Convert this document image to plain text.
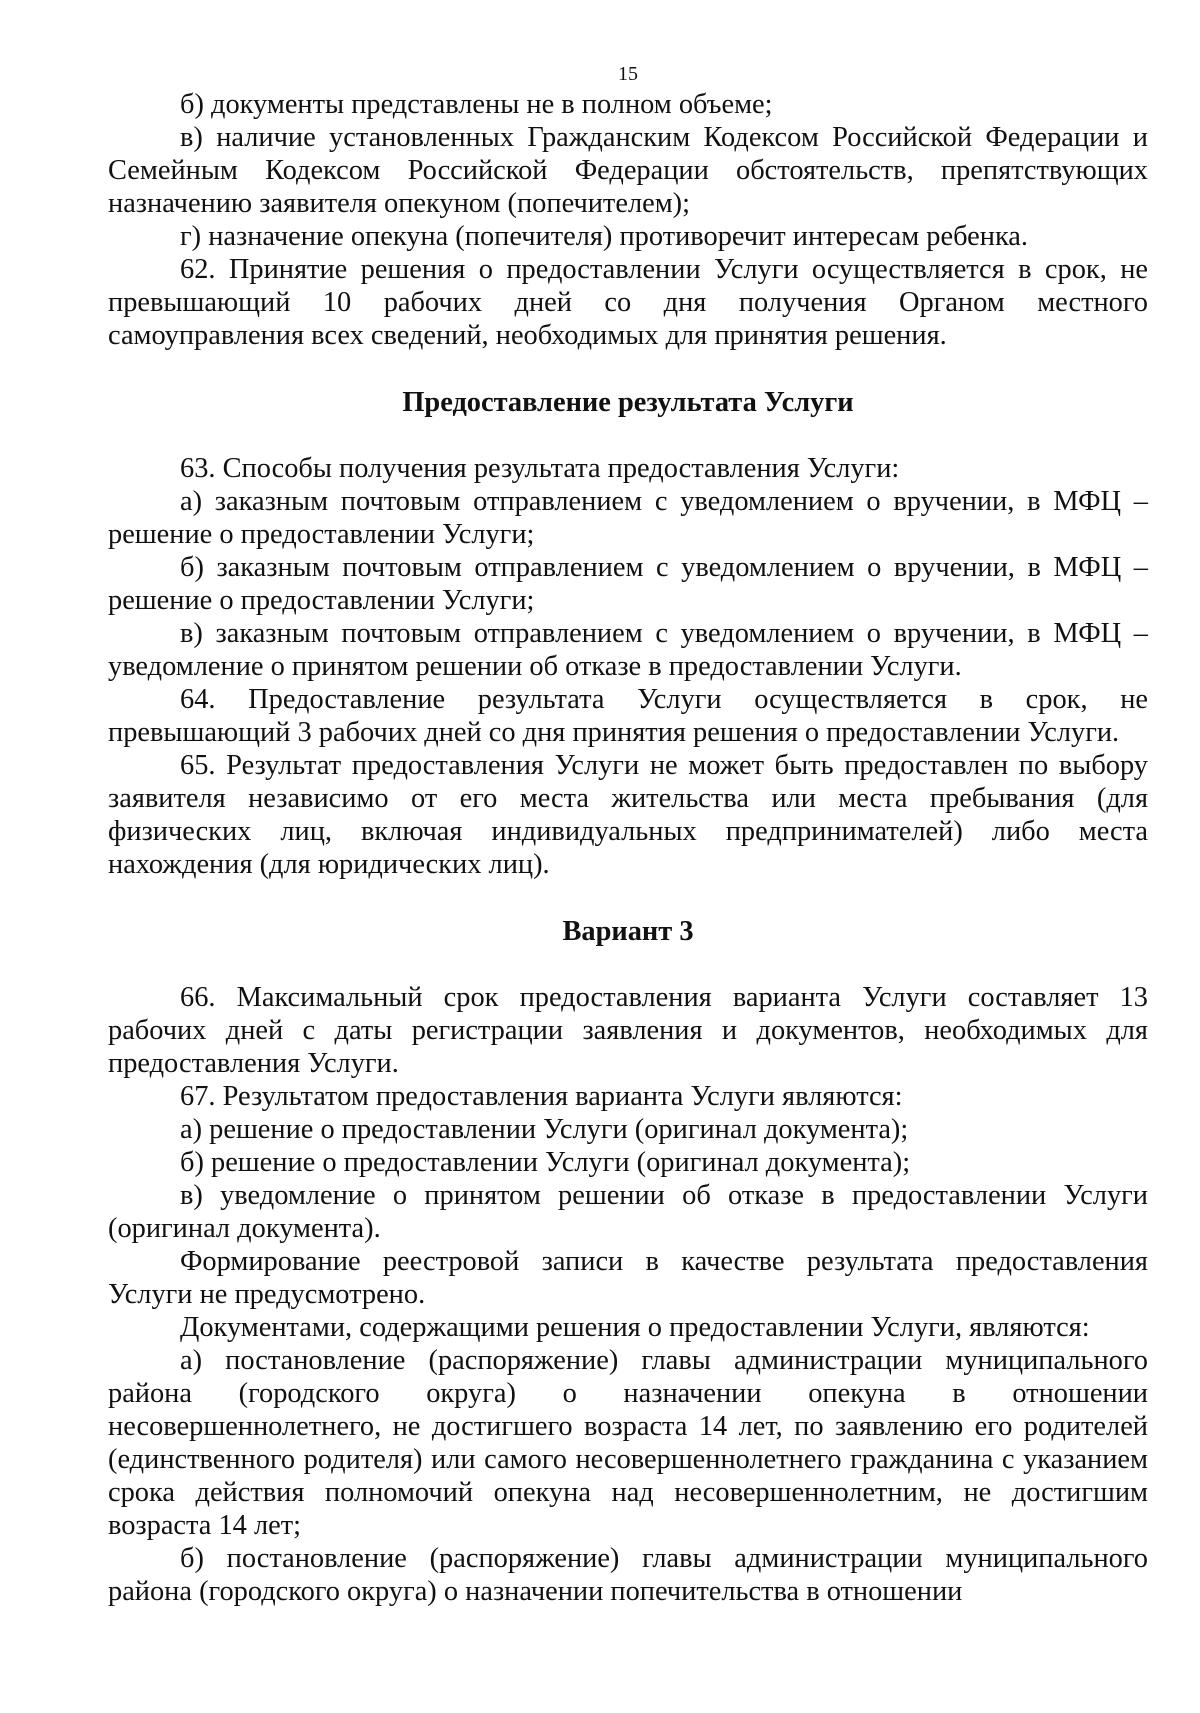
15

б) документы представлены не в полном объеме;

в) наличие установленных Гражданским Кодексом Российской Федерации и Семейным Кодексом Российской Федерации обстоятельств, препятствующих назначению заявителя опекуном (попечителем);

г) назначение опекуна (попечителя) противоречит интересам ребенка.

62. Принятие решения о предоставлении Услуги осуществляется в срок, не превышающий 10 рабочих дней со дня получения Органом местного самоуправления всех сведений, необходимых для принятия решения.

Предоставление результата Услуги

63. Способы получения результата предоставления Услуги:

а) заказным почтовым отправлением с уведомлением о вручении, в МФЦ – решение о предоставлении Услуги;

б) заказным почтовым отправлением с уведомлением о вручении, в МФЦ – решение о предоставлении Услуги;

в) заказным почтовым отправлением с уведомлением о вручении, в МФЦ – уведомление о принятом решении об отказе в предоставлении Услуги.

64. Предоставление результата Услуги осуществляется в срок, не превышающий 3 рабочих дней со дня принятия решения о предоставлении Услуги.

65. Результат предоставления Услуги не может быть предоставлен по выбору заявителя независимо от его места жительства или места пребывания (для физических лиц, включая индивидуальных предпринимателей) либо места нахождения (для юридических лиц).

Вариант 3

66. Максимальный срок предоставления варианта Услуги составляет 13 рабочих дней с даты регистрации заявления и документов, необходимых для предоставления Услуги.

67. Результатом предоставления варианта Услуги являются:

а) решение о предоставлении Услуги (оригинал документа);

б) решение о предоставлении Услуги (оригинал документа);

в) уведомление о принятом решении об отказе в предоставлении Услуги (оригинал документа).

Формирование реестровой записи в качестве результата предоставления Услуги не предусмотрено.

Документами, содержащими решения о предоставлении Услуги, являются:

а) постановление (распоряжение) главы администрации муниципального района (городского округа) о назначении опекуна в отношении несовершеннолетнего, не достигшего возраста 14 лет, по заявлению его родителей (единственного родителя) или самого несовершеннолетнего гражданина с указанием срока действия полномочий опекуна над несовершеннолетним, не достигшим возраста 14 лет;

б) постановление (распоряжение) главы администрации муниципального района (городского округа) о назначении попечительства в отношении
